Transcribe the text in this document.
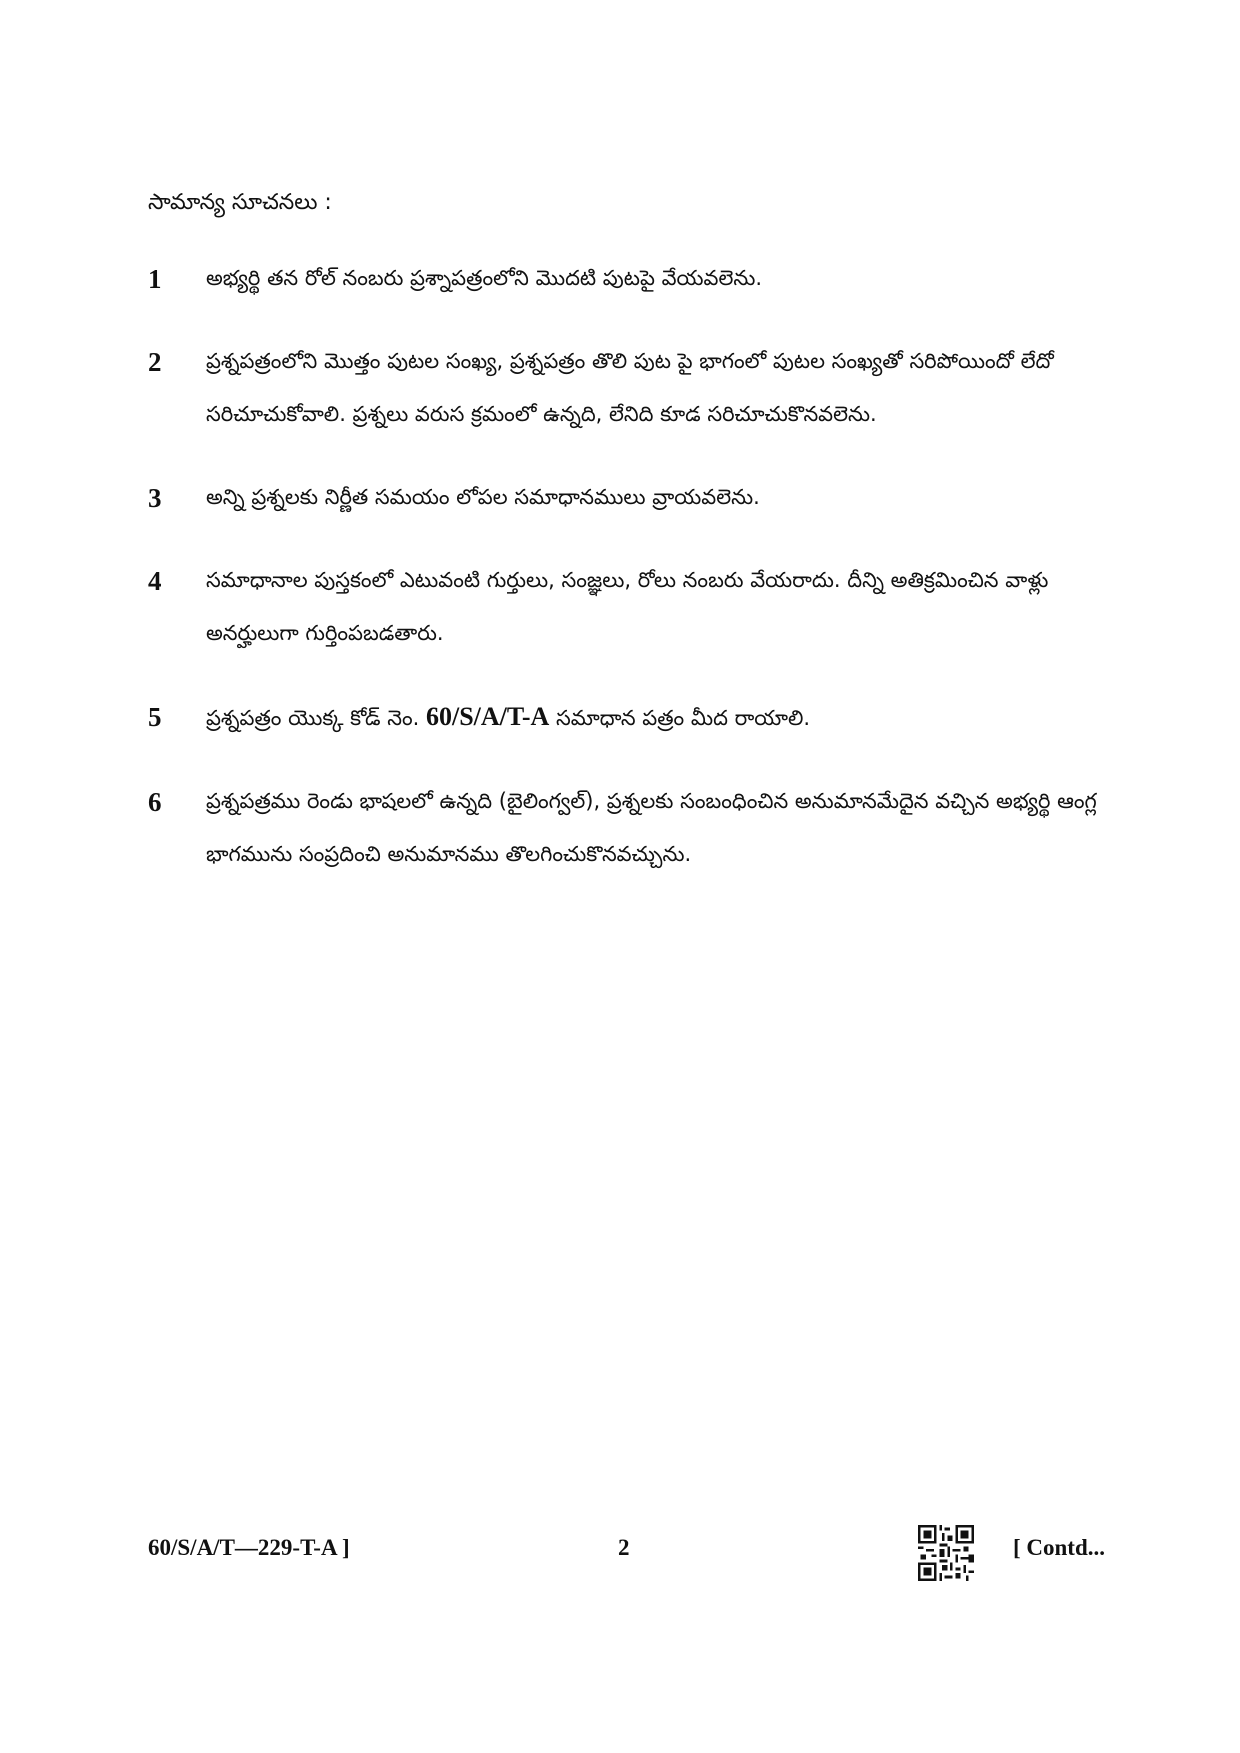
సామాన్య సూచనలు :
1	అభ్యర్థి తన రోల్ నంబరు ప్రశ్నాపత్రంలోని మొదటి పుటపై వేయవలెను.
2	ప్రశ్నపత్రంలోని మొత్తం పుటల సంఖ్య, ప్రశ్నపత్రం తొలి పుట పై భాగంలో పుటల సంఖ్యతో సరిపోయిందో లేదో సరిచూచుకోవాలి. ప్రశ్నలు వరుస క్రమంలో ఉన్నది, లేనిది కూడ సరిచూచుకొనవలెను.
3	అన్ని ప్రశ్నలకు నిర్ణీత సమయం లోపల సమాధానములు వ్రాయవలెను.
4	సమాధానాల పుస్తకంలో ఎటువంటి గుర్తులు, సంజ్ఞలు, రోలు నంబరు వేయరాదు. దీన్ని అతిక్రమించిన వాళ్లు అనర్హులుగా గుర్తింపబడతారు.
5	ప్రశ్నపత్రం యొక్క కోడ్ నెం. 60/S/A/T-A సమాధాన పత్రం మీద రాయాలి.
6	ప్రశ్నపత్రము రెండు భాషలలో ఉన్నది (బైలింగ్వల్), ప్రశ్నలకు సంబంధించిన అనుమానమేదైన వచ్చిన అభ్యర్థి ఆంగ్ల భాగమును సంప్రదించి అనుమానము తొలగించుకొనవచ్చును.
60/S/A/T—229-T-A ]	2	[ Contd...
